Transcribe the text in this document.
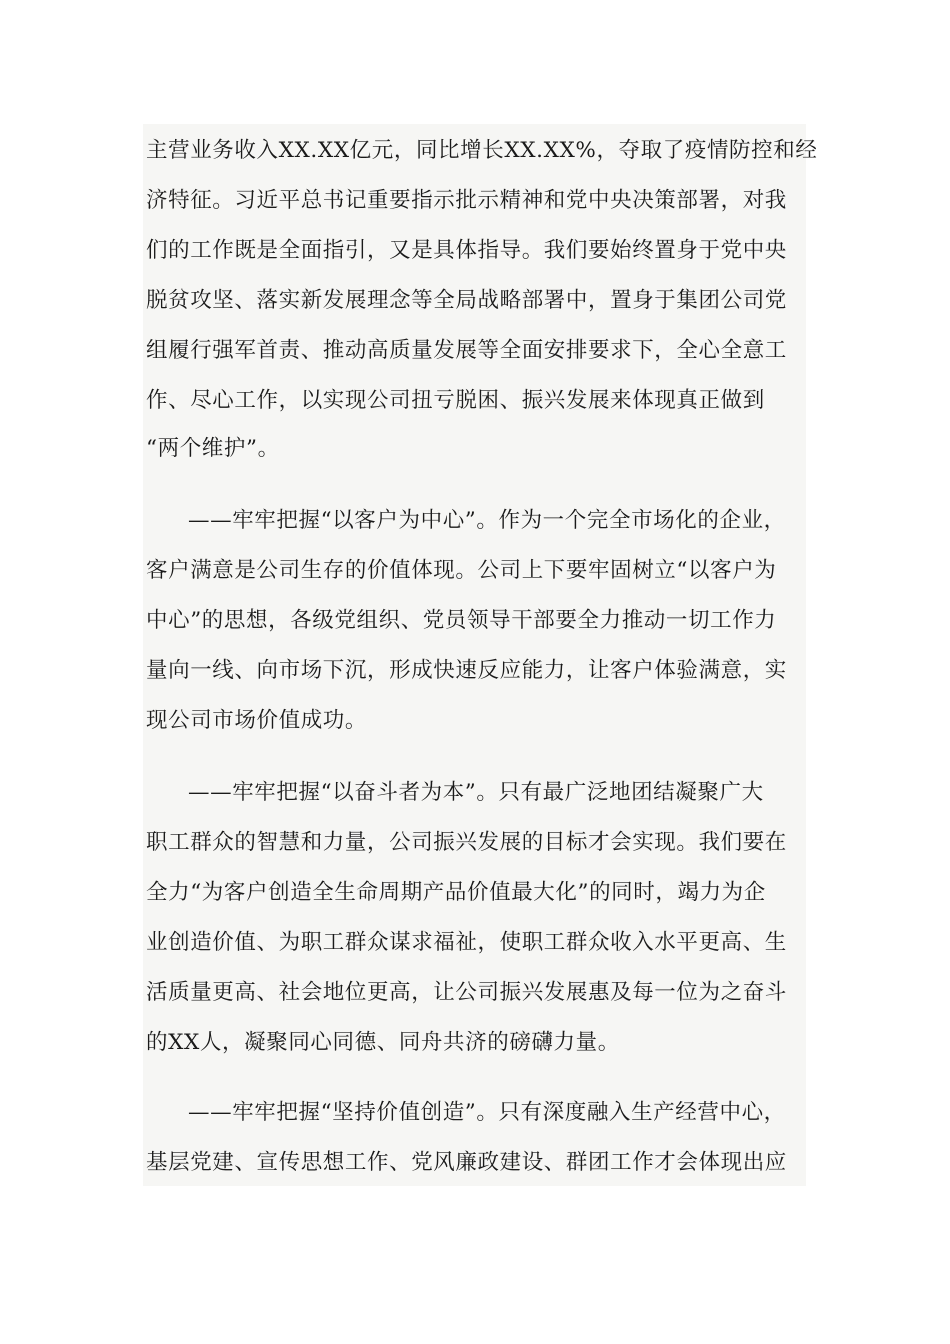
主营业务收入XX.XX亿元，同比增长XX.XX%，夺取了疫情防控和经
济特征。习近平总书记重要指示批示精神和党中央决策部署，对我
们的工作既是全面指引，又是具体指导。我们要始终置身于党中央
脱贫攻坚、落实新发展理念等全局战略部署中，置身于集团公司党
组履行强军首责、推动高质量发展等全面安排要求下，全心全意工
作、尽心工作，以实现公司扭亏脱困、振兴发展来体现真正做到
“两个维护”。
——牢牢把握“以客户为中心”。作为一个完全市场化的企业，
客户满意是公司生存的价值体现。公司上下要牢固树立“以客户为
中心”的思想，各级党组织、党员领导干部要全力推动一切工作力
量向一线、向市场下沉，形成快速反应能力，让客户体验满意，实
现公司市场价值成功。
——牢牢把握“以奋斗者为本”。只有最广泛地团结凝聚广大
职工群众的智慧和力量，公司振兴发展的目标才会实现。我们要在
全力“为客户创造全生命周期产品价值最大化”的同时，竭力为企
业创造价值、为职工群众谋求福祉，使职工群众收入水平更高、生
活质量更高、社会地位更高，让公司振兴发展惠及每一位为之奋斗
的XX人，凝聚同心同德、同舟共济的磅礴力量。
——牢牢把握“坚持价值创造”。只有深度融入生产经营中心，
基层党建、宣传思想工作、党风廉政建设、群团工作才会体现出应
